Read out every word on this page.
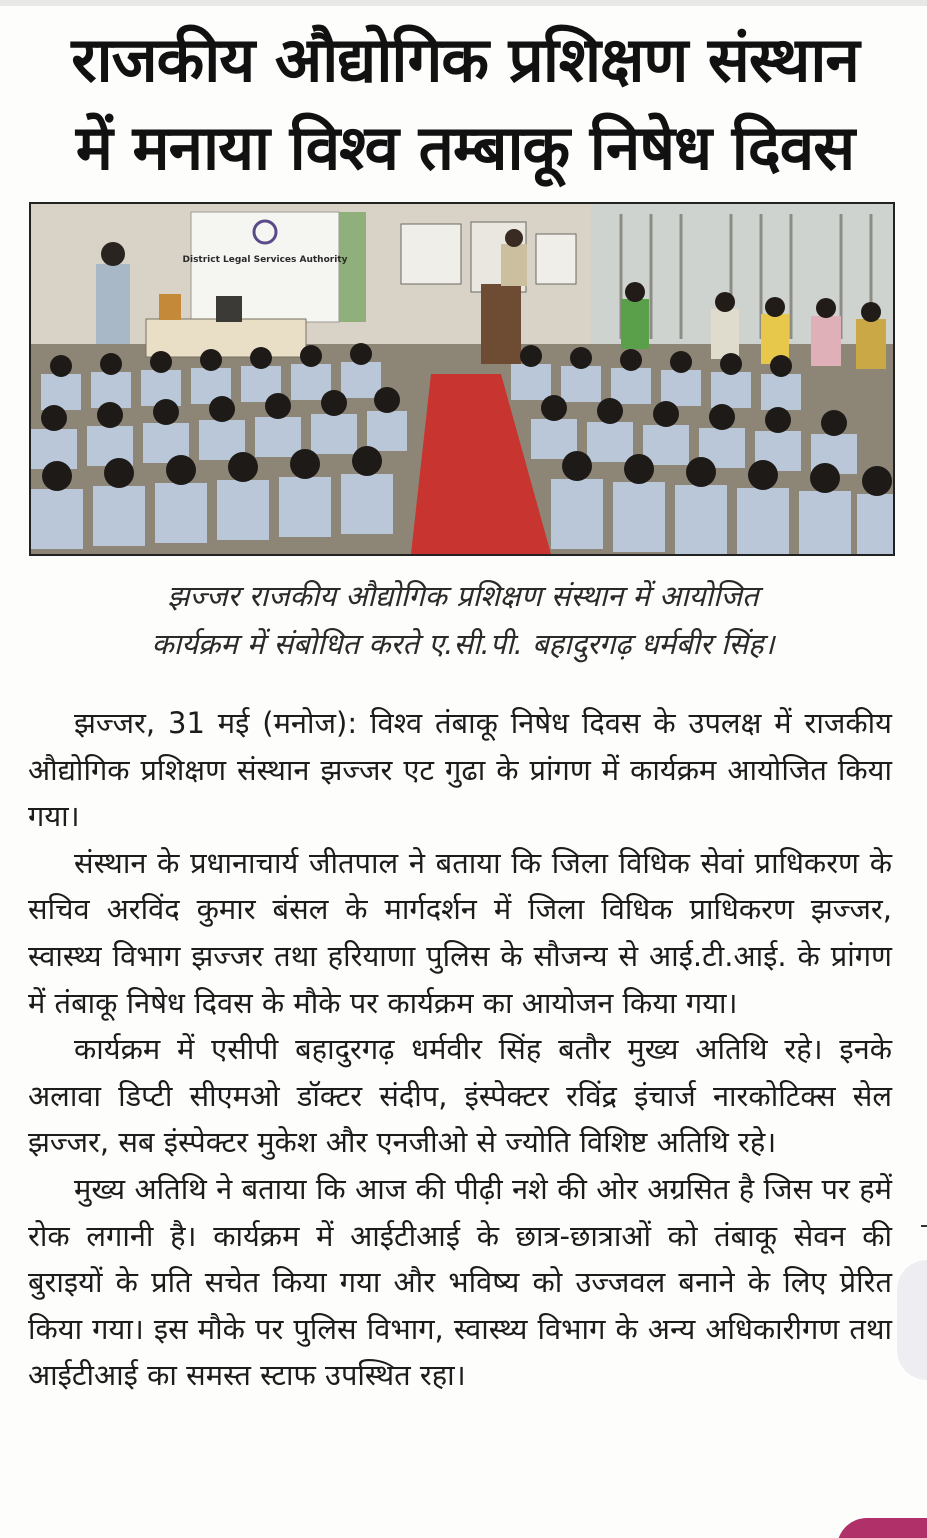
राजकीय औद्योगिक प्रशिक्षण संस्थान
में मनाया विश्व तम्बाकू निषेध दिवस
District Legal Services Authority

झज्जर राजकीय औद्योगिक प्रशिक्षण संस्थान में आयोजित
कार्यक्रम में संबोधित करते ए.सी.पी. बहादुरगढ़ धर्मबीर सिंह।

झज्जर, 31 मई (मनोज): विश्व तंबाकू निषेध दिवस के उपलक्ष में राजकीय औद्योगिक प्रशिक्षण संस्थान झज्जर एट गुढा के प्रांगण में कार्यक्रम आयोजित किया गया।

संस्थान के प्रधानाचार्य जीतपाल ने बताया कि जिला विधिक सेवां प्राधिकरण के सचिव अरविंद कुमार बंसल के मार्गदर्शन में जिला विधिक प्राधिकरण झज्जर, स्वास्थ्य विभाग झज्जर तथा हरियाणा पुलिस के सौजन्य से आई.टी.आई. के प्रांगण में तंबाकू निषेध दिवस के मौके पर कार्यक्रम का आयोजन किया गया।

कार्यक्रम में एसीपी बहादुरगढ़ धर्मवीर सिंह बतौर मुख्य अतिथि रहे। इनके अलावा डिप्टी सीएमओ डॉक्टर संदीप, इंस्पेक्टर रविंद्र इंचार्ज नारकोटिक्स सेल झज्जर, सब इंस्पेक्टर मुकेश और एनजीओ से ज्योति विशिष्ट अतिथि रहे।

मुख्य अतिथि ने बताया कि आज की पीढ़ी नशे की ओर अग्रसित है जिस पर हमें रोक लगानी है। कार्यक्रम में आईटीआई के छात्र-छात्राओं को तंबाकू सेवन की बुराइयों के प्रति सचेत किया गया और भविष्य को उज्जवल बनाने के लिए प्रेरित किया गया। इस मौके पर पुलिस विभाग, स्वास्थ्य विभाग के अन्य अधिकारीगण तथा आईटीआई का समस्त स्टाफ उपस्थित रहा।
